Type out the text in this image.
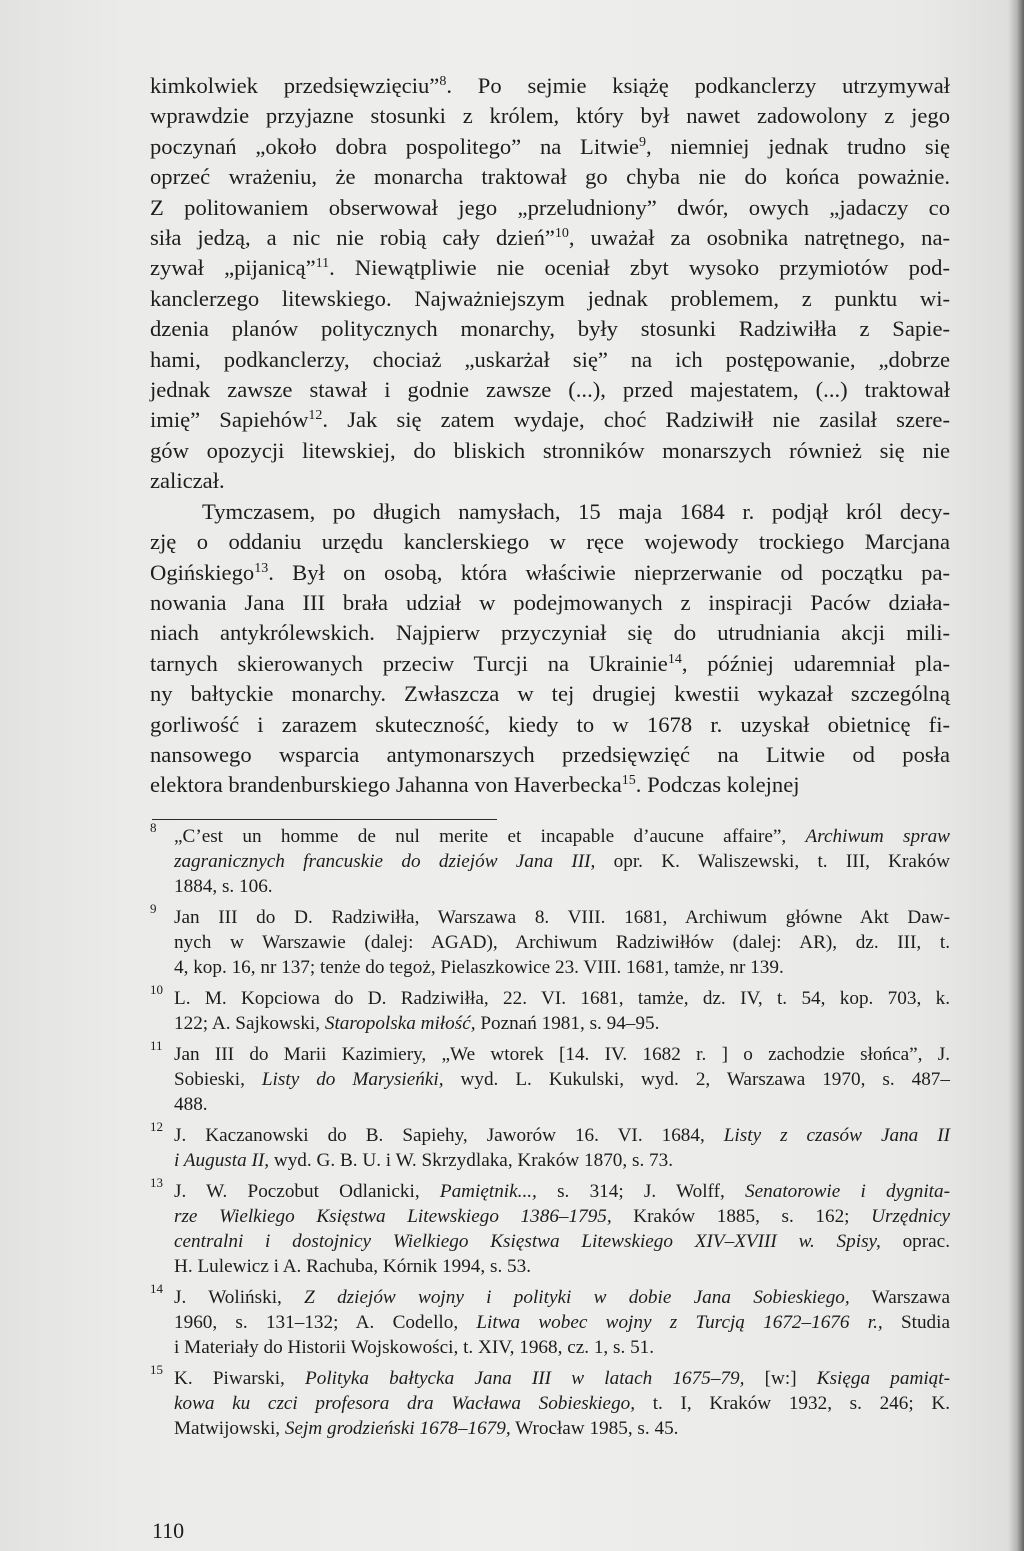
kimkolwiek przedsięwzięciu”$^8$. Po sejmie książę podkanclerzy utrzymywał
wprawdzie przyjazne stosunki z królem, który był nawet zadowolony z jego
poczynań „około dobra pospolitego” na Litwie$^9$, niemniej jednak trudno się
oprzeć wrażeniu, że monarcha traktował go chyba nie do końca poważnie.
Z politowaniem obserwował jego „przeludniony” dwór, owych „jadaczy co
siła jedzą, a nic nie robią cały dzień”$^{10}$, uważał za osobnika natrętnego, na-
zywał „pijanicą”$^{11}$. Niewątpliwie nie oceniał zbyt wysoko przymiotów pod-
kanclerzego litewskiego. Najważniejszym jednak problemem, z punktu wi-
dzenia planów politycznych monarchy, były stosunki Radziwiłła z Sapie-
hami, podkanclerzy, chociaż „uskarżał się” na ich postępowanie, „dobrze
jednak zawsze stawał i godnie zawsze (...), przed majestatem, (...) traktował
imię” Sapiehów$^{12}$. Jak się zatem wydaje, choć Radziwiłł nie zasilał szere-
gów opozycji litewskiej, do bliskich stronników monarszych również się nie
zaliczał.
Tymczasem, po długich namysłach, 15 maja 1684 r. podjął król decy-
zję o oddaniu urzędu kanclerskiego w ręce wojewody trockiego Marcjana
Ogińskiego$^{13}$. Był on osobą, która właściwie nieprzerwanie od początku pa-
nowania Jana III brała udział w podejmowanych z inspiracji Paców działa-
niach antykrólewskich. Najpierw przyczyniał się do utrudniania akcji mili-
tarnych skierowanych przeciw Turcji na Ukrainie$^{14}$, później udaremniał pla-
ny bałtyckie monarchy. Zwłaszcza w tej drugiej kwestii wykazał szczególną
gorliwość i zarazem skuteczność, kiedy to w 1678 r. uzyskał obietnicę fi-
nansowego wsparcia antymonarszych przedsięwzięć na Litwie od posła
elektora brandenburskiego Jahanna von Haverbecka$^{15}$. Podczas kolejnej
8 „C’est un homme de nul merite et incapable d’aucune affaire”, Archiwum spraw
zagranicznych francuskie do dziejów Jana III, opr. K. Waliszewski, t. III, Kraków
1884, s. 106.
9 Jan III do D. Radziwiłła, Warszawa 8. VIII. 1681, Archiwum główne Akt Daw-
nych w Warszawie (dalej: AGAD), Archiwum Radziwiłłów (dalej: AR), dz. III, t.
4, kop. 16, nr 137; tenże do tegoż, Pielaszkowice 23. VIII. 1681, tamże, nr 139.
10 L. M. Kopciowa do D. Radziwiłła, 22. VI. 1681, tamże, dz. IV, t. 54, kop. 703, k.
122; A. Sajkowski, Staropolska miłość, Poznań 1981, s. 94–95.
11 Jan III do Marii Kazimiery, „We wtorek [14. IV. 1682 r. ] o zachodzie słońca”, J.
Sobieski, Listy do Marysieńki, wyd. L. Kukulski, wyd. 2, Warszawa 1970, s. 487–
488.
12 J. Kaczanowski do B. Sapiehy, Jaworów 16. VI. 1684, Listy z czasów Jana II
i Augusta II, wyd. G. B. U. i W. Skrzydlaka, Kraków 1870, s. 73.
13 J. W. Poczobut Odlanicki, Pamiętnik..., s. 314; J. Wolff, Senatorowie i dygnita-
rze Wielkiego Księstwa Litewskiego 1386–1795, Kraków 1885, s. 162; Urzędnicy
centralni i dostojnicy Wielkiego Księstwa Litewskiego XIV–XVIII w. Spisy, oprac.
H. Lulewicz i A. Rachuba, Kórnik 1994, s. 53.
14 J. Woliński, Z dziejów wojny i polityki w dobie Jana Sobieskiego, Warszawa
1960, s. 131–132; A. Codello, Litwa wobec wojny z Turcją 1672–1676 r., Studia
i Materiały do Historii Wojskowości, t. XIV, 1968, cz. 1, s. 51.
15 K. Piwarski, Polityka bałtycka Jana III w latach 1675–79, [w:] Księga pamiąt-
kowa ku czci profesora dra Wacława Sobieskiego, t. I, Kraków 1932, s. 246; K.
Matwijowski, Sejm grodzieński 1678–1679, Wrocław 1985, s. 45.
110
